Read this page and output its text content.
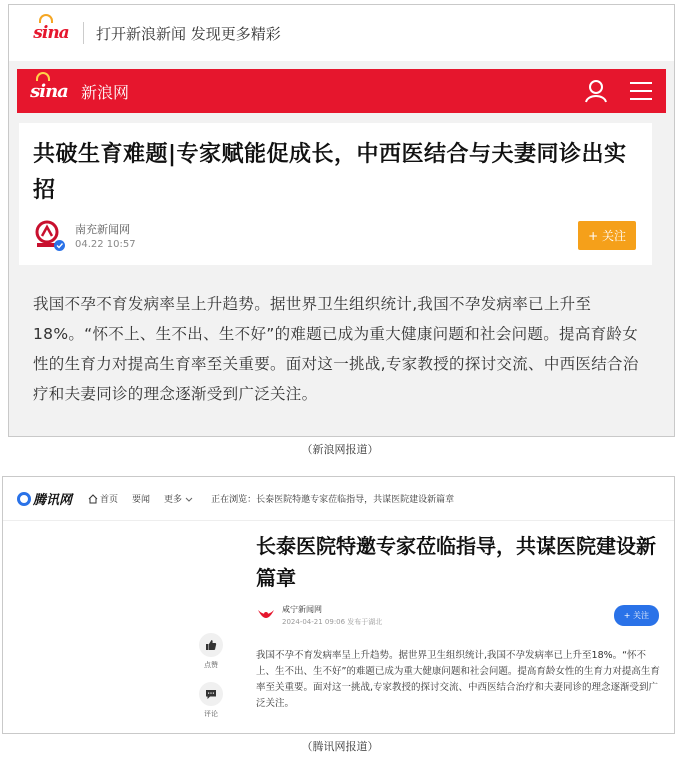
sina 打开新浪新闻 发现更多精彩
sina 新浪网
共破生育难题|专家赋能促成长，中西医结合与夫妻同诊出实招
南充新闻网
04.22 10:57
+ 关注
我国不孕不育发病率呈上升趋势。据世界卫生组织统计,我国不孕发病率已上升至18%。“怀不上、生不出、生不好”的难题已成为重大健康问题和社会问题。提高育龄女性的生育力对提高生育率至关重要。面对这一挑战,专家教授的探讨交流、中西医结合治疗和夫妻同诊的理念逐渐受到广泛关注。
（新浪网报道）
腾讯网	首页 要闻 更多	正在浏览：长泰医院特邀专家莅临指导，共谋医院建设新篇章
长泰医院特邀专家莅临指导，共谋医院建设新篇章
咸宁新闻网
2024-04-21 09:06 发布于湖北
+ 关注
点赞
评论
我国不孕不育发病率呈上升趋势。据世界卫生组织统计,我国不孕发病率已上升至18%。“怀不上、生不出、生不好”的难题已成为重大健康问题和社会问题。提高育龄女性的生育力对提高生育率至关重要。面对这一挑战,专家教授的探讨交流、中西医结合治疗和夫妻同诊的理念逐渐受到广泛关注。
（腾讯网报道）
